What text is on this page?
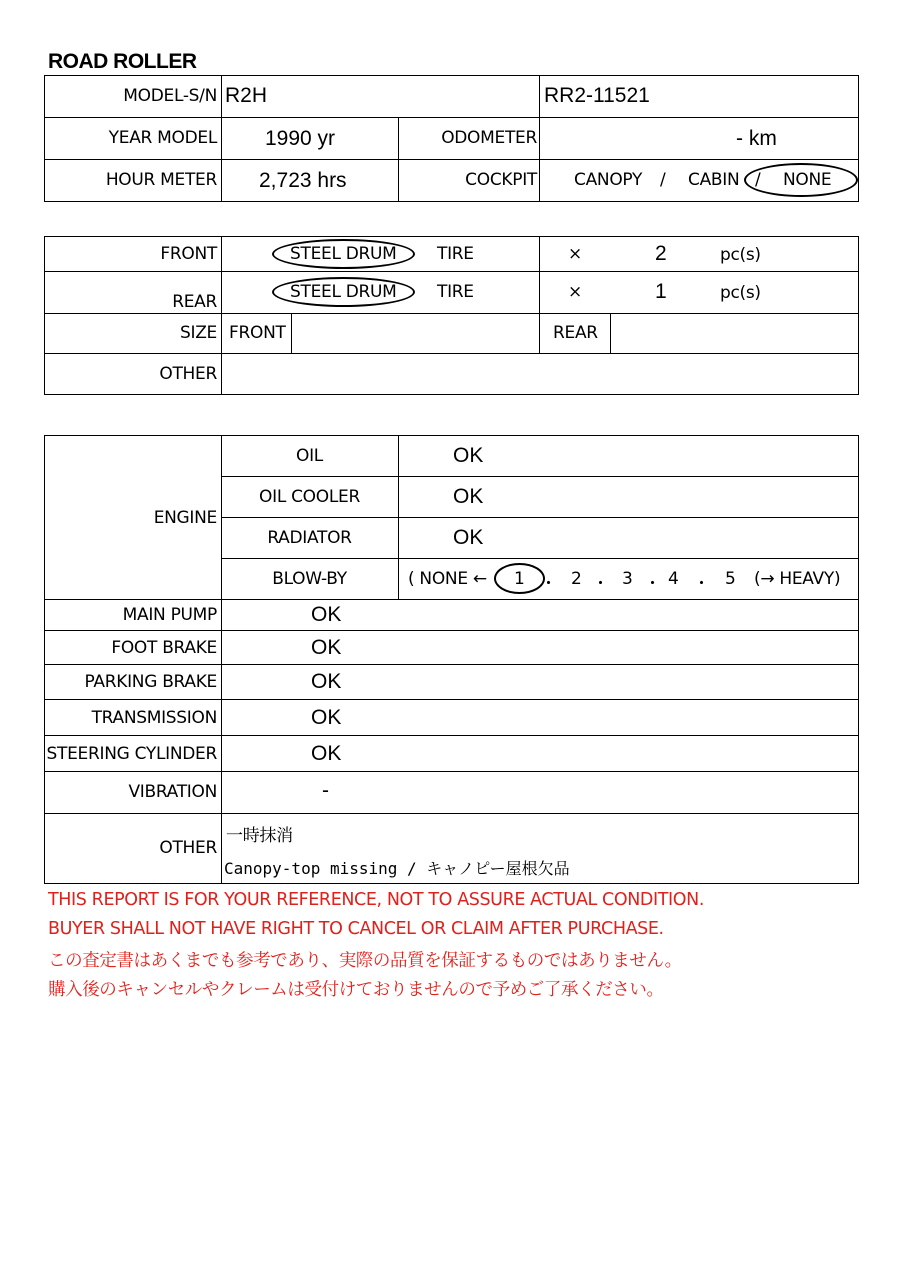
ROAD ROLLER
MODEL-S/N R2H	RR2-11521
YEAR MODEL 1990 yr	ODOMETER	- km
HOUR METER 2,723 hrs	COCKPIT CANOPY / CABIN / NONE
FRONT	STEEL DRUM TIRE	×	2	pc(s)
REAR	STEEL DRUM TIRE	×	1	pc(s)
SIZE FRONT	REAR
OTHER
ENGINE
OIL	OK
OIL COOLER	OK
RADIATOR	OK
BLOW-BY	( NONE ← 1 ・ 2 ・ 3 ・ 4 ・ 5 (→ HEAVY)
MAIN PUMP	OK
FOOT BRAKE	OK
PARKING BRAKE	OK
TRANSMISSION	OK
STEERING CYLINDER	OK
VIBRATION	-
OTHER
一時抹消
Canopy-top missing / キャノピー屋根欠品
THIS REPORT IS FOR YOUR REFERENCE, NOT TO ASSURE ACTUAL CONDITION.
BUYER SHALL NOT HAVE RIGHT TO CANCEL OR CLAIM AFTER PURCHASE.
この査定書はあくまでも参考であり、実際の品質を保証するものではありません。
購入後のキャンセルやクレームは受付けておりませんので予めご了承ください。
